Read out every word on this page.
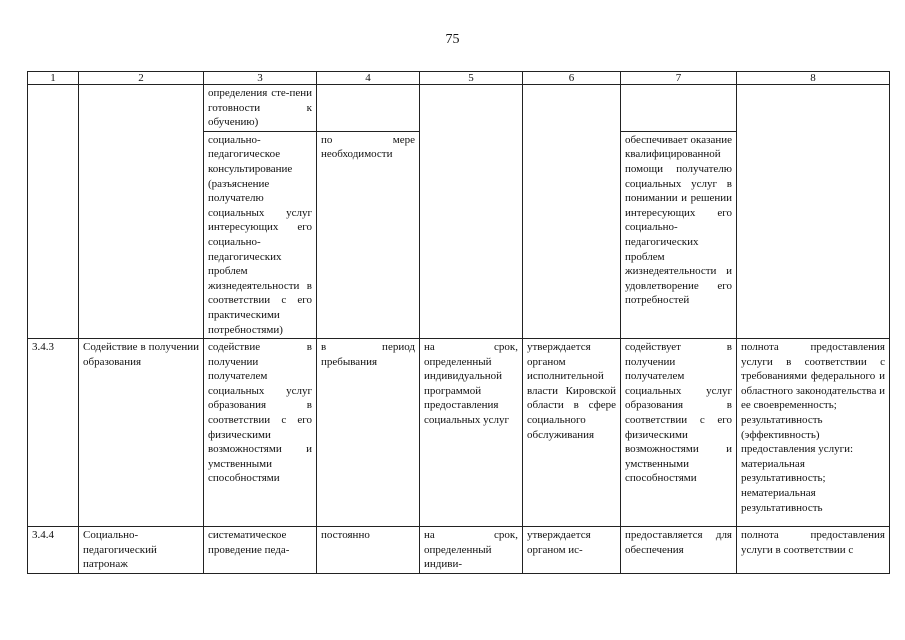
75
1	2	3	4	5	6	7	8
		определения сте-пени готовности к обучению)					
		социально-педагогическое консультирование (разъяснение получателю социальных услуг интересующих его социально-педагогических проблем жизнедеятельности в соответствии с его практическими потребностями)	по мере необходимости			обеспечивает оказание квалифицированной помощи получателю социальных услуг в понимании и решении интересующих его социально-педагогических проблем жизнедеятельности и удовлетворение его потребностей	
3.4.3	Содействие в получении образования	содействие в получении получателем социальных услуг образования в соответствии с его физическими возможностями и умственными способностями	в период пребывания	на срок, определенный индивидуальной программой предоставления социальных услуг	утверждается органом исполнительной власти Кировской области в сфере социального обслуживания	содействует в получении получателем социальных услуг образования в соответствии с его физическими возможностями и умственными способностями	полнота предоставления услуги в соответствии с требованиями федерального и областного законодательства и ее своевременность;
результативность (эффективность) предоставления услуги:
материальная результативность;
нематериальная результативность

3.4.4	Социально-педагогический патронаж	систематическое проведение педа-	постоянно	на срок, определенный индиви-	утверждается органом ис-	предоставляется для обеспечения	полнота предоставления услуги в соответствии с
